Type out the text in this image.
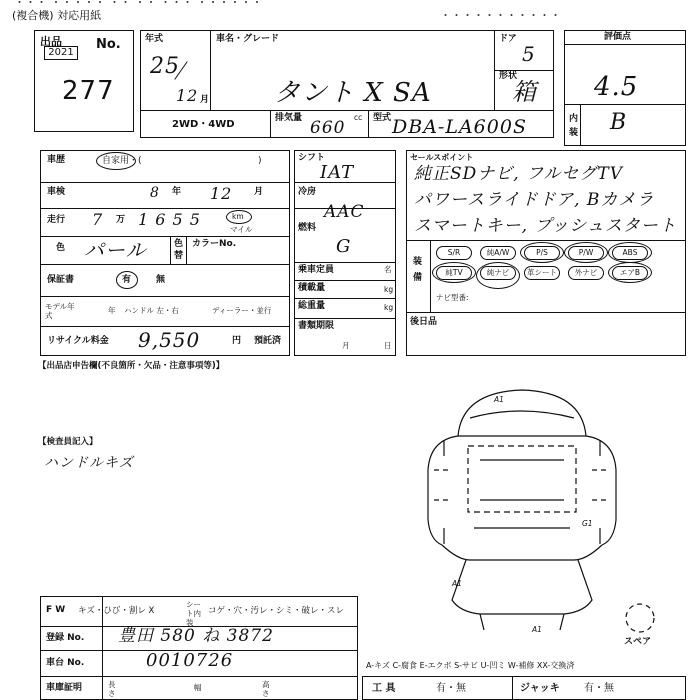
・・・ ・・・・・ ・・ ・・ ・・・ ・・・・・・
(複合機) 対応用紙	・・・・・・・・・・・
出品	No.
2021
277
年式
25
12 月
車名・グレード
タント X SA
ドア
5
形状
箱
2WD・4WD
排気量 660
cc 型式 DBA-LA600S
評価点
4.5
内装 B
車歴	自家用・(	)
車検	8 年 12 月
走行 7 万 1 6 5 5	km
マイル
色 パール	色替
カラーNo.
保証書	有	無
モデル年式
年 ハンドル 左・右	ディーラー・並行
リサイクル料金 9,550	円 預託済
シフト
IAT
冷房
AAC
燃料
G
乗車定員	名
積載量	kg
総重量	kg
書類期限
月	日
セールスポイント
純正SDナビ, フルセグTV
パワースライドドア, Bカメラ
スマートキー, プッシュスタート
装備
S/R	純A/W	P/S	P/W	ABS
純TV	純ナビ	革シート	外ナビ	エアB
ナビ型番:
後日品
【出品店申告欄(不良箇所・欠品・注意事項等)】
【検査員記入】
ハンドルキズ
A1
G1
A1
A1
スペア
F W キズ・ひび・割レ X
シート内 装
コゲ・穴・汚レ・シミ・破レ・スレ
登録 No. 豊田 580 ね 3872
車台 No.	0010726
車庫証明	長さ
幅	高さ
A-キズ C-腐食 E-エクボ S-サビ U-凹ミ W-補修 XX-交換済
工 具	有・無	ジャッキ 有・無
